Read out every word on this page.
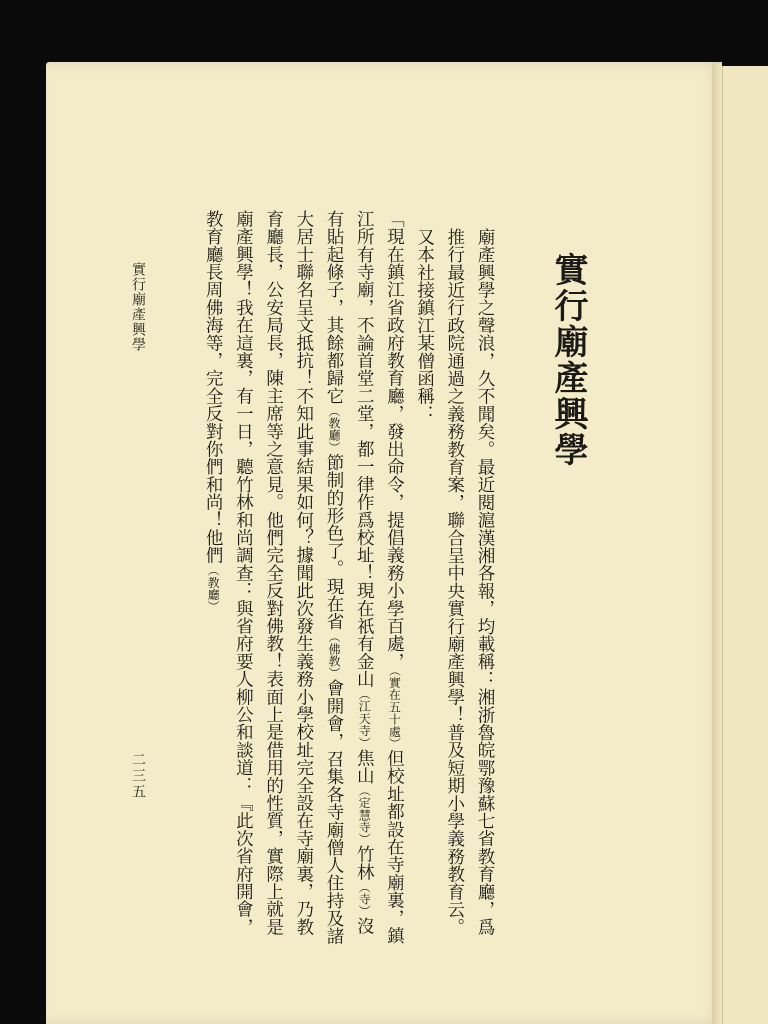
實行廟產興學

廟產興學之聲浪，久不聞矣。最近閱滬漢湘各報，均載稱：湘浙魯皖鄂豫蘇七省教育廳，爲推行最近行政院通過之義務教育案，聯合呈中央實行廟產興學！普及短期小學義務教育云。又本社接鎮江某僧函稱：

「現在鎮江省政府教育廳，發出命令，提倡義務小學百處，（實在五十處）但校址都設在寺廟裏，鎮江所有寺廟，不論首堂二堂，都一律作爲校址！現在祇有金山（江天寺）焦山（定慧寺）竹林（寺）沒有貼起條子，其餘都歸它（教廳）節制的形色了。現在省（佛教）會開會，召集各寺廟僧人住持及諸大居士聯名呈文抵抗！不知此事結果如何？據聞此次發生義務小學校址完全設在寺廟裏，乃教育廳長，公安局長，陳主席等之意見。他們完全反對佛教！表面上是借用的性質，實際上就是廟產興學！我在這裏，有一日，聽竹林和尚調查：與省府要人柳公和談道：『此次省府開會，教育廳長周佛海等，完全反對你們和尚！他們（教廳）

實行廟產興學
二三五
